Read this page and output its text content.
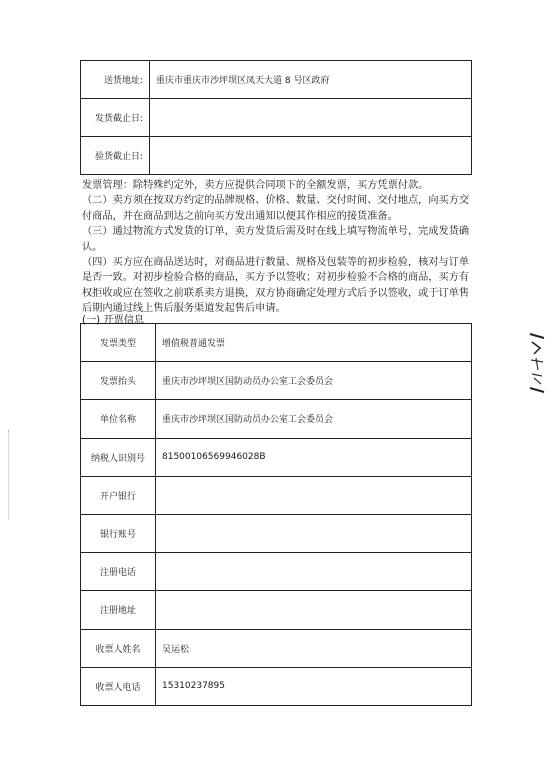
送货地址:	重庆市重庆市沙坪坝区凤天大道 8 号区政府
发货截止日:	
验货截止日:	

发票管理：除特殊约定外，卖方应提供合同项下的全额发票，买方凭票付款。

（二）卖方须在按双方约定的品牌规格、价格、数量、交付时间、交付地点，向买方交付商品，并在商品到达之前向买方发出通知以便其作相应的接货准备。

（三）通过物流方式发货的订单，卖方发货后需及时在线上填写物流单号，完成发货确认。

（四）买方应在商品送达时，对商品进行数量、规格及包装等的初步检验，核对与订单是否一致。对初步检验合格的商品，买方予以签收；对初步检验不合格的商品，买方有权拒收或应在签收之前联系卖方退换，双方协商确定处理方式后予以签收，或于订单售后期内通过线上售后服务渠道发起售后申请。

(一) 开票信息
发票类型	增值税普通发票
发票抬头	重庆市沙坪坝区国防动员办公室工会委员会
单位名称	重庆市沙坪坝区国防动员办公室工会委员会
纳税人识别号	81500106569946028B
开户银行	
银行账号	
注册电话	
注册地址	
收票人姓名	吴运松
收票人电话	15310237895
